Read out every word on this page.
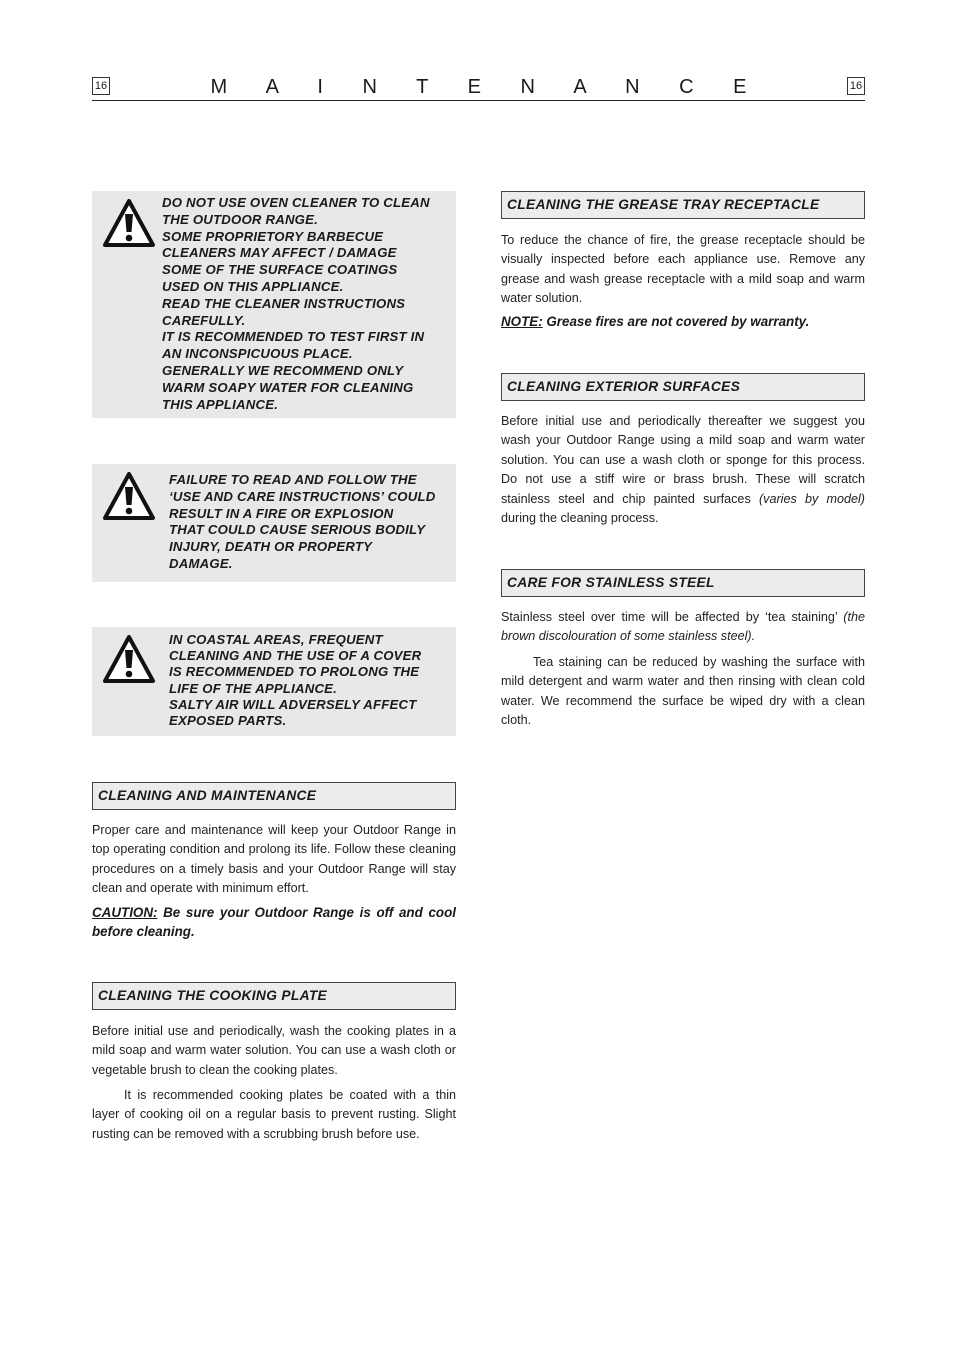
16	M A I N T E N A N C E	16
DO NOT USE OVEN CLEANER TO CLEAN
THE OUTDOOR RANGE.
SOME PROPRIETORY BARBECUE
CLEANERS MAY AFFECT / DAMAGE
SOME OF THE SURFACE COATINGS
USED ON THIS APPLIANCE.
READ THE CLEANER INSTRUCTIONS
CAREFULLY.
IT IS RECOMMENDED TO TEST FIRST IN
AN INCONSPICUOUS PLACE.
GENERALLY WE RECOMMEND ONLY
WARM SOAPY WATER FOR CLEANING
THIS APPLIANCE.
FAILURE TO READ AND FOLLOW THE
‘USE AND CARE INSTRUCTIONS’ COULD
RESULT IN A FIRE OR EXPLOSION
THAT COULD CAUSE SERIOUS BODILY
INJURY, DEATH OR PROPERTY
DAMAGE.
IN COASTAL AREAS, FREQUENT
CLEANING AND THE USE OF A COVER
IS RECOMMENDED TO PROLONG THE
LIFE OF THE APPLIANCE.
SALTY AIR WILL ADVERSELY AFFECT
EXPOSED PARTS.
CLEANING AND MAINTENANCE
Proper care and maintenance will keep your Outdoor Range in top operating condition and prolong its life. Follow these cleaning procedures on a timely basis and your Outdoor Range will stay clean and operate with minimum effort.
CAUTION: Be sure your Outdoor Range is off and cool before cleaning.
CLEANING THE COOKING PLATE
Before initial use and periodically, wash the cooking plates in a mild soap and warm water solution. You can use a wash cloth or vegetable brush to clean the cooking plates.
It is recommended cooking plates be coated with a thin layer of cooking oil on a regular basis to prevent rusting. Slight rusting can be removed with a scrubbing brush before use.
CLEANING THE GREASE TRAY RECEPTACLE
To reduce the chance of fire, the grease receptacle should be visually inspected before each appliance use. Remove any grease and wash grease receptacle with a mild soap and warm water solution.
NOTE: Grease fires are not covered by warranty.
CLEANING EXTERIOR SURFACES
Before initial use and periodically thereafter we suggest you wash your Outdoor Range using a mild soap and warm water solution. You can use a wash cloth or sponge for this process. Do not use a stiff wire or brass brush. These will scratch stainless steel and chip painted surfaces (varies by model) during the cleaning process.
CARE FOR STAINLESS STEEL
Stainless steel over time will be affected by ‘tea staining’ (the brown discolouration of some stainless steel).
Tea staining can be reduced by washing the surface with mild detergent and warm water and then rinsing with clean cold water. We recommend the surface be wiped dry with a clean cloth.
